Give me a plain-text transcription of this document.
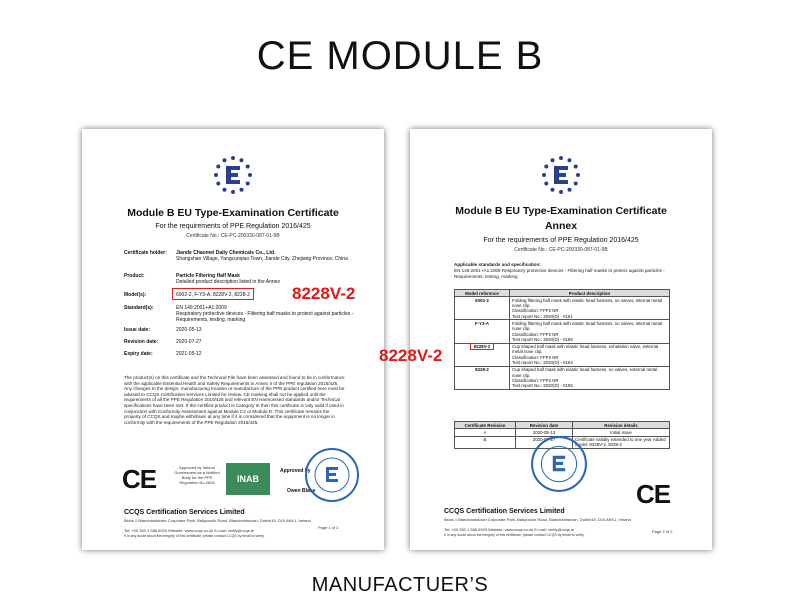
CE MODULE B
Module B EU Type-Examination Certificate
For the requirements of PPE Regulation 2016/425
Certificate No.: CE-PC-200330-087-01-9B
Certificate holder:	Jiande Chaomei Daily Chemicals Co., Ltd.
Shangshan Village, Yangcunqiao Town, Jiande City, Zhejiang Province, China
Product:	Particle Filtering Half Mask
Detailed product description listed in the Annex
Model(s):	6002-2, F-Y3-A, 8228V-2, 8228-2	8228V-2
Standard(s):	EN 149:2001+A1:2009
Respiratory protective devices - Filtering half masks to protect against particles - Requirements, testing, marking
Issue date:	2020-05-13
Revision date:	2020-07-27
Expiry date:	2021-05-12
The product(s) on this certificate and the Technical File have been assessed and found to be in conformance with the applicable Essential Health and Safety Requirements in Annex II of the PPE regulation 2016/425. Any changes to the design, manufacturing location or manufacture of the PPE product certified here must be advised to CCQS Certification Services Limited for review. CE marking shall not be applied until the requirements of all the PPE Regulation 2016/425 and relevant EN Harmonised standards and/or Technical specifications have been met. If the certified product is Category III then this certificate is only valid if used in conjunction with Conformity Assessment against Module C2 or Module D. This certificate remains the property of CCQS and maybe withdrawn at any time if it is considered that the equipment is no longer in conformity with the requirements of the PPE Regulation 2016/425.
CE	Approved by Ireland Government as a Notified Body for the PPE Regulation No.2834	INAB
Approved by
Owen Blake
CCQS Certification Services Limited
Block 1 Blanchardstown Corporate Park, Ballycoolin Road, Blanchardstown, Dublin15, D15 AKK1, Ireland
Tel: +00 353 1 588 6920 Website: www.ccqs.co.uk E-mail: verify@ccqs.ie
If in any doubt about the integrity of this certificate, please contact CCQS by email to verify.
Page 1 of 2
Module B EU Type-Examination Certificate
Annex
For the requirements of PPE Regulation 2016/425
Certificate No.: CE-PC-200330-087-01-9B
Applicable standards and specification:
EN 149:2001+A1:2009 Respiratory protective devices - Filtering half masks to protect against particles - Requirements, testing, marking
Model reference	Product description
6002-2	Folding filtering half mask with elastic head harness, no valves, internal metal nose clip.
Classification: FFP2 NR
Test report No.: 2020(D) - 0161
F-Y3-A	Folding filtering half mask with elastic head harness, no valves, internal metal nose clip.
Classification: FFP2 NR
Test report No.: 2020(D) - 0156
8228V-2	Cup shaped half mask with elastic head harness, exhalation valve, external metal nose clip.
Classification: FFP2 NR
Test report No.: 2020(D) - 0154
8228-2	Cup shaped half mask with elastic head harness, no valves, external metal nose clip.
Classification: FFP2 NR
Test report No.: 2020(D) - 0155
Certificate Revision	Revision date	Revision details
A	2020-05-13	Initial issue
B	2020-07-27	Certificate validity extended to one year Added model: 8228V-2, 8228-2
CE
CCQS Certification Services Limited
Block 1 Blanchardstown Corporate Park, Ballycoolin Road, Blanchardstown, Dublin15, D15 AKK1, Ireland
Tel: +00 353 1 588 6920 Website: www.ccqs.co.uk E-mail: verify@ccqs.ie
If in any doubt about the integrity of this certificate, please contact CCQS by email to verify.
Page 2 of 2
8228V-2
MANUFACTUER’S
